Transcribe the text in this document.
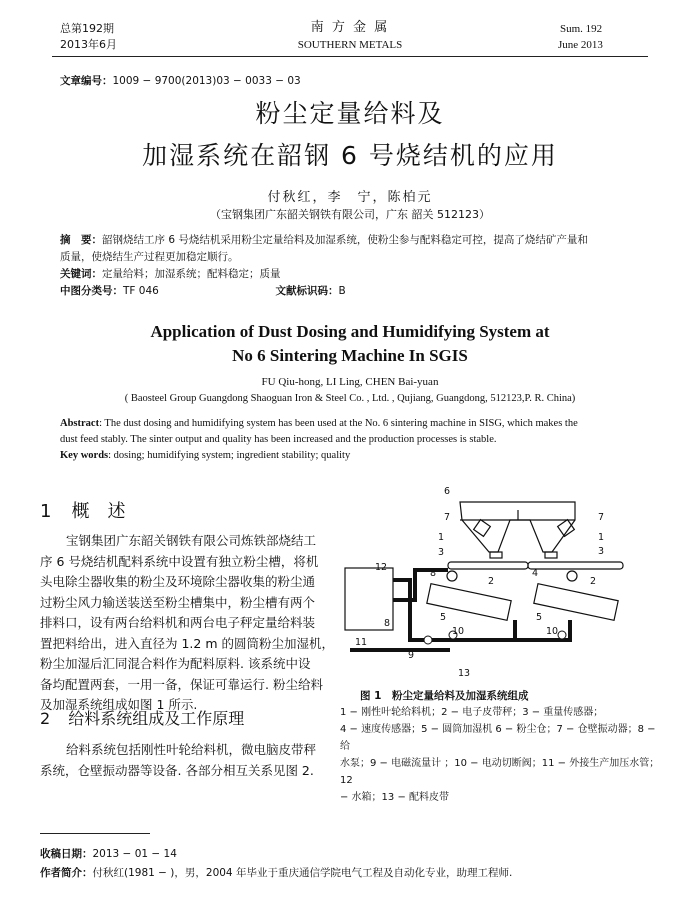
总第192期
2013年6月
南 方 金 属
SOUTHERN METALS
Sum. 192
June 2013
文章编号：1009 − 9700(2013)03 − 0033 − 03
粉尘定量给料及
加湿系统在韶钢 6 号烧结机的应用
付秋红，李　宁，陈柏元
（宝钢集团广东韶关钢铁有限公司，广东 韶关 512123）
摘　要：韶钢烧结工序 6 号烧结机采用粉尘定量给料及加湿系统，使粉尘参与配料稳定可控，提高了烧结矿产量和
质量，使烧结生产过程更加稳定顺行。
关键词：定量给料；加湿系统；配料稳定；质量
中图分类号：TF 046	文献标识码：B
Application of Dust Dosing and Humidifying System at
No 6 Sintering Machine In SGIS
FU Qiu-hong, LI Ling, CHEN Bai-yuan
( Baosteel Group Guangdong Shaoguan Iron & Steel Co. , Ltd. , Qujiang, Guangdong, 512123,P. R. China)
Abstract: The dust dosing and humidifying system has been used at the No. 6 sintering machine in SISG, which makes the
dust feed stably. The sinter output and quality has been increased and the production processes is stable.
Key words: dosing; humidifying system; ingredient stability; quality
1 概　述
宝钢集团广东韶关钢铁有限公司炼铁部烧结工
序 6 号烧结机配料系统中设置有独立粉尘槽，将机
头电除尘器收集的粉尘及环境除尘器收集的粉尘通
过粉尘风力输送装送至粉尘槽集中，粉尘槽有两个
排料口，设有两台给料机和两台电子秤定量给料装
置把料给出，进入直径为 1.2 m 的圆筒粉尘加湿机，
粉尘加湿后汇同混合料作为配料原料. 该系统中设
备均配置两套，一用一备，保证可靠运行. 粉尘给料
及加湿系统组成如图 1 所示.
2 给料系统组成及工作原理
给料系统包括刚性叶轮给料机，微电脑皮带秤
系统，仓壁振动器等设备. 各部分相互关系见图 2.
6
7	7
1
3
8
1
3
12
2
4
2
5
8
11
10	10
5
9
13
图 1　粉尘定量给料及加湿系统组成
1 − 刚性叶轮给料机；2 − 电子皮带秤；3 − 重量传感器；
4 − 速度传感器；5 − 圆筒加湿机 6 − 粉尘仓；7 − 仓壁振动器；8 − 给
水泵；9 − 电磁流量计 ；10 − 电动切断阀；11 − 外接生产加压水管；12
− 水箱；13 − 配料皮带
收稿日期：2013 − 01 − 14
作者简介：付秋红(1981 − )，男，2004 年毕业于重庆通信学院电气工程及自动化专业，助理工程师.
